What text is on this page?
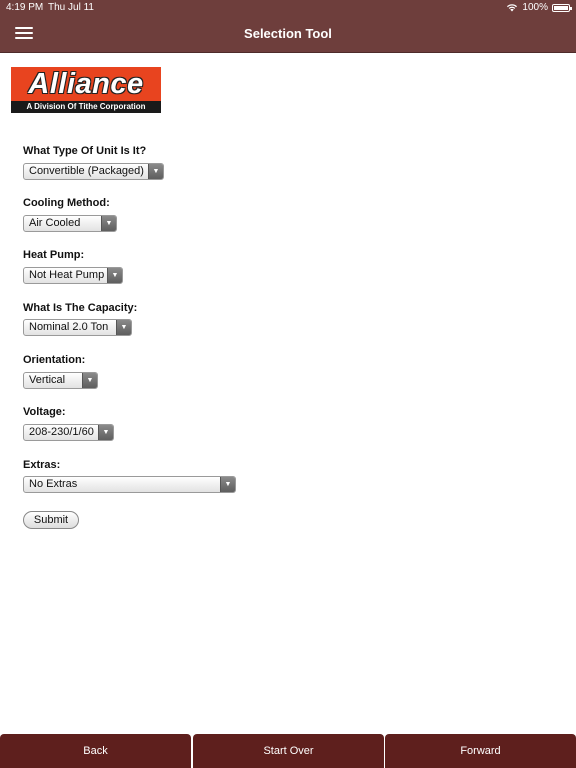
4:19 PM Thu Jul 11	100%
Selection Tool
Alliance
A Division Of Tithe Corporation
What Type Of Unit Is It?
Convertible (Packaged)	▼
Cooling Method:
Air Cooled	▼
Heat Pump:
Not Heat Pump	▼
What Is The Capacity:
Nominal 2.0 Ton	▼
Orientation:
Vertical	▼
Voltage:
208-230/1/60	▼
Extras:
No Extras	▼
Submit
Back	Start Over	Forward
